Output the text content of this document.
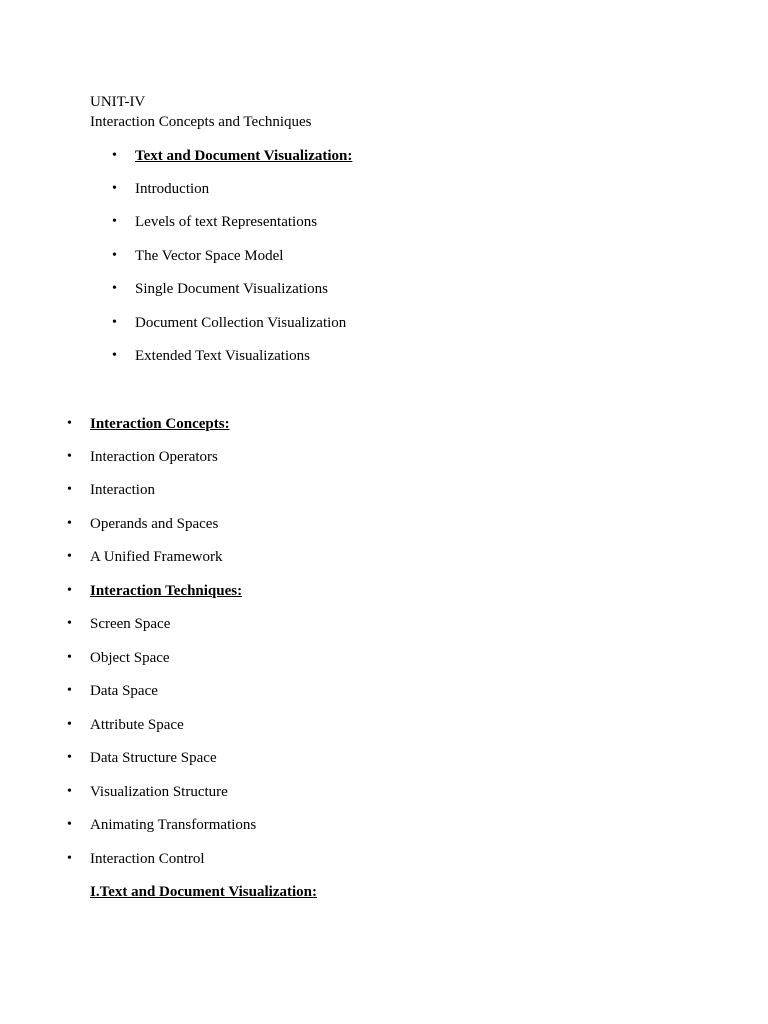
UNIT-IV
Interaction Concepts and Techniques
• Text and Document Visualization:
• Introduction
• Levels of text Representations
• The Vector Space Model
• Single Document Visualizations
• Document Collection Visualization
• Extended Text Visualizations
• Interaction Concepts:
• Interaction Operators
• Interaction
• Operands and Spaces
• A Unified Framework
• Interaction Techniques:
• Screen Space
• Object Space
• Data Space
• Attribute Space
• Data Structure Space
• Visualization Structure
• Animating Transformations
• Interaction Control
I.Text and Document Visualization:
